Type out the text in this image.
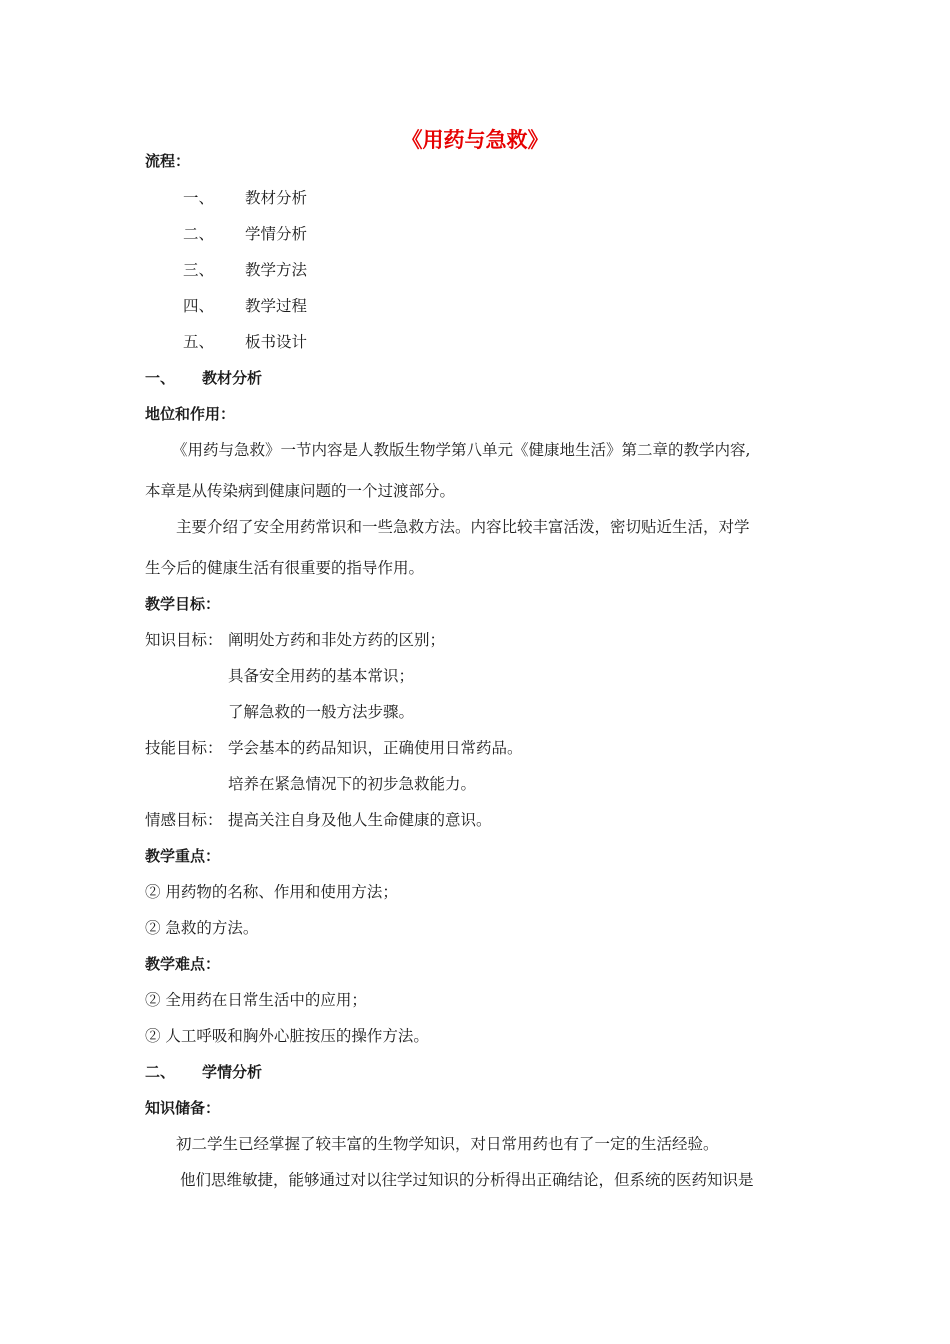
《用药与急救》

流程：

一、 教材分析
二、 学情分析
三、 教学方法
四、 教学过程
五、 板书设计
一、 教材分析

地位和作用：

《用药与急救》一节内容是人教版生物学第八单元《健康地生活》第二章的教学内容,

本章是从传染病到健康问题的一个过渡部分。

主要介绍了安全用药常识和一些急救方法。内容比较丰富活泼，密切贴近生活，对学

生今后的健康生活有很重要的指导作用。

教学目标：

知识目标： 阐明处方药和非处方药的区别；

具备安全用药的基本常识；

了解急救的一般方法步骤。

技能目标： 学会基本的药品知识，正确使用日常药品。

培养在紧急情况下的初步急救能力。

情感目标： 提高关注自身及他人生命健康的意识。

教学重点：

② 用药物的名称、作用和使用方法；

② 急救的方法。

教学难点：

② 全用药在日常生活中的应用；

② 人工呼吸和胸外心脏按压的操作方法。

二、 学情分析

知识储备：

初二学生已经掌握了较丰富的生物学知识，对日常用药也有了一定的生活经验。

他们思维敏捷，能够通过对以往学过知识的分析得出正确结论，但系统的医药知识是
